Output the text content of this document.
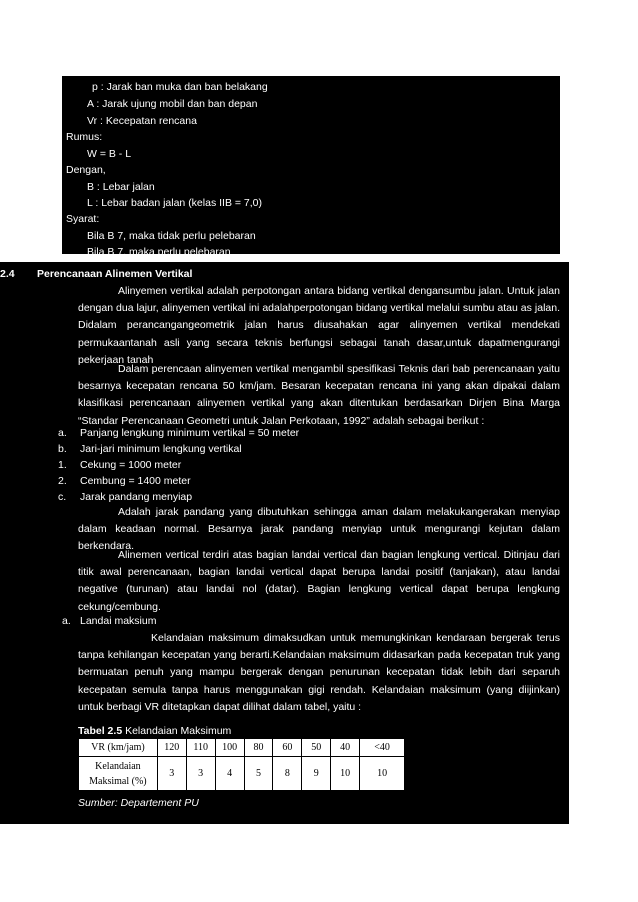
p : Jarak ban muka dan ban belakang
A : Jarak ujung mobil dan ban depan
Vr : Kecepatan rencana
Rumus:
W = B - L
Dengan,
B : Lebar jalan
L : Lebar badan jalan (kelas IIB = 7,0)
Syarat:
Bila B 7, maka tidak perlu pelebaran
Bila B 7, maka perlu pelebaran
2.4 Perencanaan Alinemen Vertikal
Alinyemen vertikal adalah perpotongan antara bidang vertikal dengansumbu jalan. Untuk jalan dengan dua lajur, alinyemen vertikal ini adalahperpotongan bidang vertikal melalui sumbu atau as jalan. Didalam perancangangeometrik jalan harus diusahakan agar alinyemen vertikal mendekati permukaantanah asli yang secara teknis berfungsi sebagai tanah dasar,untuk dapatmengurangi pekerjaan tanah
Dalam perencaan alinyemen vertikal mengambil spesifikasi Teknis dari bab perencanaan yaitu besarnya kecepatan rencana 50 km/jam. Besaran kecepatan rencana ini yang akan dipakai dalam klasifikasi perencanaan alinyemen vertikal yang akan ditentukan berdasarkan Dirjen Bina Marga “Standar Perencanaan Geometri untuk Jalan Perkotaan, 1992” adalah sebagai berikut :
a. Panjang lengkung minimum vertikal = 50 meter
b. Jari-jari minimum lengkung vertikal
1. Cekung = 1000 meter
2. Cembung = 1400 meter
c. Jarak pandang menyiap
Adalah jarak pandang yang dibutuhkan sehingga aman dalam melakukangerakan menyiap dalam keadaan normal. Besarnya jarak pandang menyiap untuk mengurangi kejutan dalam berkendara.
Alinemen vertical terdiri atas bagian landai vertical dan bagian lengkung vertical. Ditinjau dari titik awal perencanaan, bagian landai vertical dapat berupa landai positif (tanjakan), atau landai negative (turunan) atau landai nol (datar). Bagian lengkung vertical dapat berupa lengkung cekung/cembung.
a. Landai maksium
Kelandaian maksimum dimaksudkan untuk memungkinkan kendaraan bergerak terus tanpa kehilangan kecepatan yang berarti.Kelandaian maksimum didasarkan pada kecepatan truk yang bermuatan penuh yang mampu bergerak dengan penurunan kecepatan tidak lebih dari separuh kecepatan semula tanpa harus menggunakan gigi rendah. Kelandaian maksimum (yang diijinkan) untuk berbagi VR ditetapkan dapat dilihat dalam tabel, yaitu :
Tabel 2.5 Kelandaian Maksimum
VR (km/jam)	120	110	100	80	60	50	40	<40
Kelandaian
Maksimal (%)	3	3	4	5	8	9	10	10
Sumber: Departement PU
